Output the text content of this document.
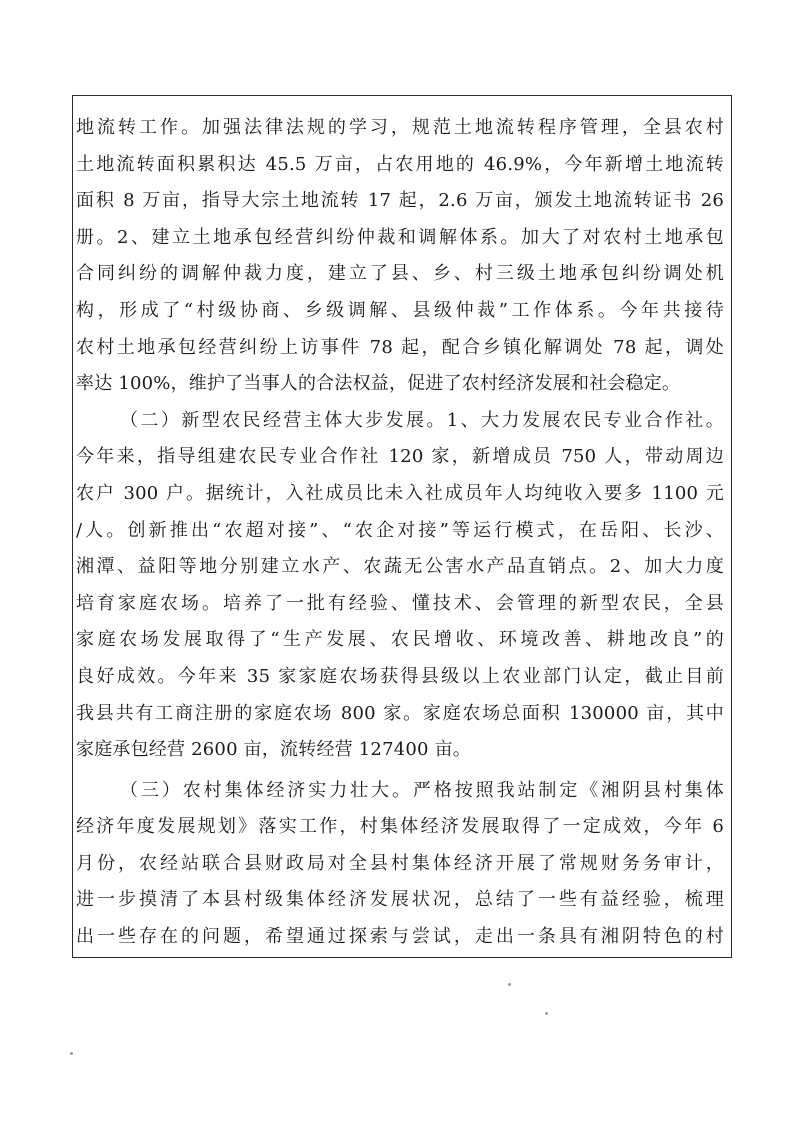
地流转工作。加强法律法规的学习，规范土地流转程序管理，全县农村
土地流转面积累积达 45.5 万亩，占农用地的 46.9%，今年新增土地流转
面积 8 万亩，指导大宗土地流转 17 起，2.6 万亩，颁发土地流转证书 26
册。2、建立土地承包经营纠纷仲裁和调解体系。加大了对农村土地承包
合同纠纷的调解仲裁力度，建立了县、乡、村三级土地承包纠纷调处机
构，形成了“村级协商、乡级调解、县级仲裁”工作体系。今年共接待
农村土地承包经营纠纷上访事件 78 起，配合乡镇化解调处 78 起，调处
率达 100%，维护了当事人的合法权益，促进了农村经济发展和社会稳定。
（二）新型农民经营主体大步发展。1、大力发展农民专业合作社。
今年来，指导组建农民专业合作社 120 家，新增成员 750 人，带动周边
农户 300 户。据统计，入社成员比未入社成员年人均纯收入要多 1100 元
/人。创新推出“农超对接”、“农企对接”等运行模式，在岳阳、长沙、
湘潭、益阳等地分别建立水产、农蔬无公害水产品直销点。2、加大力度
培育家庭农场。培养了一批有经验、懂技术、会管理的新型农民，全县
家庭农场发展取得了“生产发展、农民增收、环境改善、耕地改良”的
良好成效。今年来 35 家家庭农场获得县级以上农业部门认定，截止目前
我县共有工商注册的家庭农场 800 家。家庭农场总面积 130000 亩，其中
家庭承包经营 2600 亩，流转经营 127400 亩。
（三）农村集体经济实力壮大。严格按照我站制定《湘阴县村集体
经济年度发展规划》落实工作，村集体经济发展取得了一定成效，今年 6
月份，农经站联合县财政局对全县村集体经济开展了常规财务务审计，
进一步摸清了本县村级集体经济发展状况，总结了一些有益经验，梳理
出一些存在的问题，希望通过探索与尝试，走出一条具有湘阴特色的村
